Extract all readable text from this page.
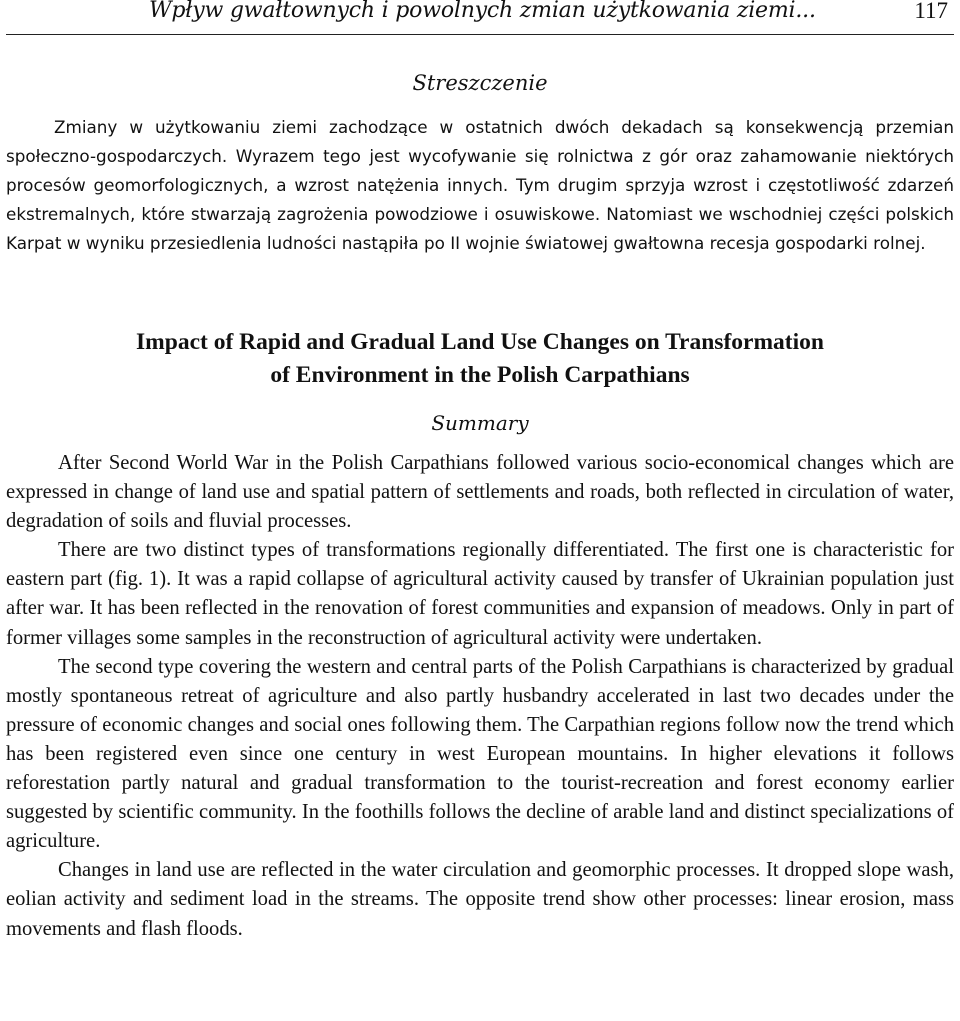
Wpływ gwałtownych i powolnych zmian użytkowania ziemi...	117
Streszczenie
Zmiany w użytkowaniu ziemi zachodzące w ostatnich dwóch dekadach są konsekwencją przemian społeczno-gospodarczych. Wyrazem tego jest wycofywanie się rolnictwa z gór oraz zahamowanie niektórych procesów geomorfologicznych, a wzrost natężenia innych. Tym drugim sprzyja wzrost i częstotliwość zdarzeń ekstremalnych, które stwarzają zagrożenia powodziowe i osuwiskowe. Natomiast we wschodniej części polskich Karpat w wyniku przesiedlenia ludności nastąpiła po II wojnie światowej gwałtowna recesja gospodarki rolnej.
Impact of Rapid and Gradual Land Use Changes on Transformation
of Environment in the Polish Carpathians
Summary

After Second World War in the Polish Carpathians followed various socio-economical changes which are expressed in change of land use and spatial pattern of settlements and roads, both reflected in circulation of water, degradation of soils and fluvial processes.

There are two distinct types of transformations regionally differentiated. The first one is characteristic for eastern part (fig. 1). It was a rapid collapse of agricultural activity caused by transfer of Ukrainian population just after war. It has been reflected in the renovation of forest communities and expansion of meadows. Only in part of former villages some samples in the reconstruction of agricultural activity were undertaken.

The second type covering the western and central parts of the Polish Carpathians is characterized by gradual mostly spontaneous retreat of agriculture and also partly husbandry accelerated in last two decades under the pressure of economic changes and social ones following them. The Carpathian regions follow now the trend which has been registered even since one century in west European mountains. In higher elevations it follows reforestation partly natural and gradual transformation to the tourist-recreation and forest economy earlier suggested by scientific community. In the foothills follows the decline of arable land and distinct specializations of agriculture.

Changes in land use are reflected in the water circulation and geomorphic processes. It dropped slope wash, eolian activity and sediment load in the streams. The opposite trend show other processes: linear erosion, mass movements and flash floods.
